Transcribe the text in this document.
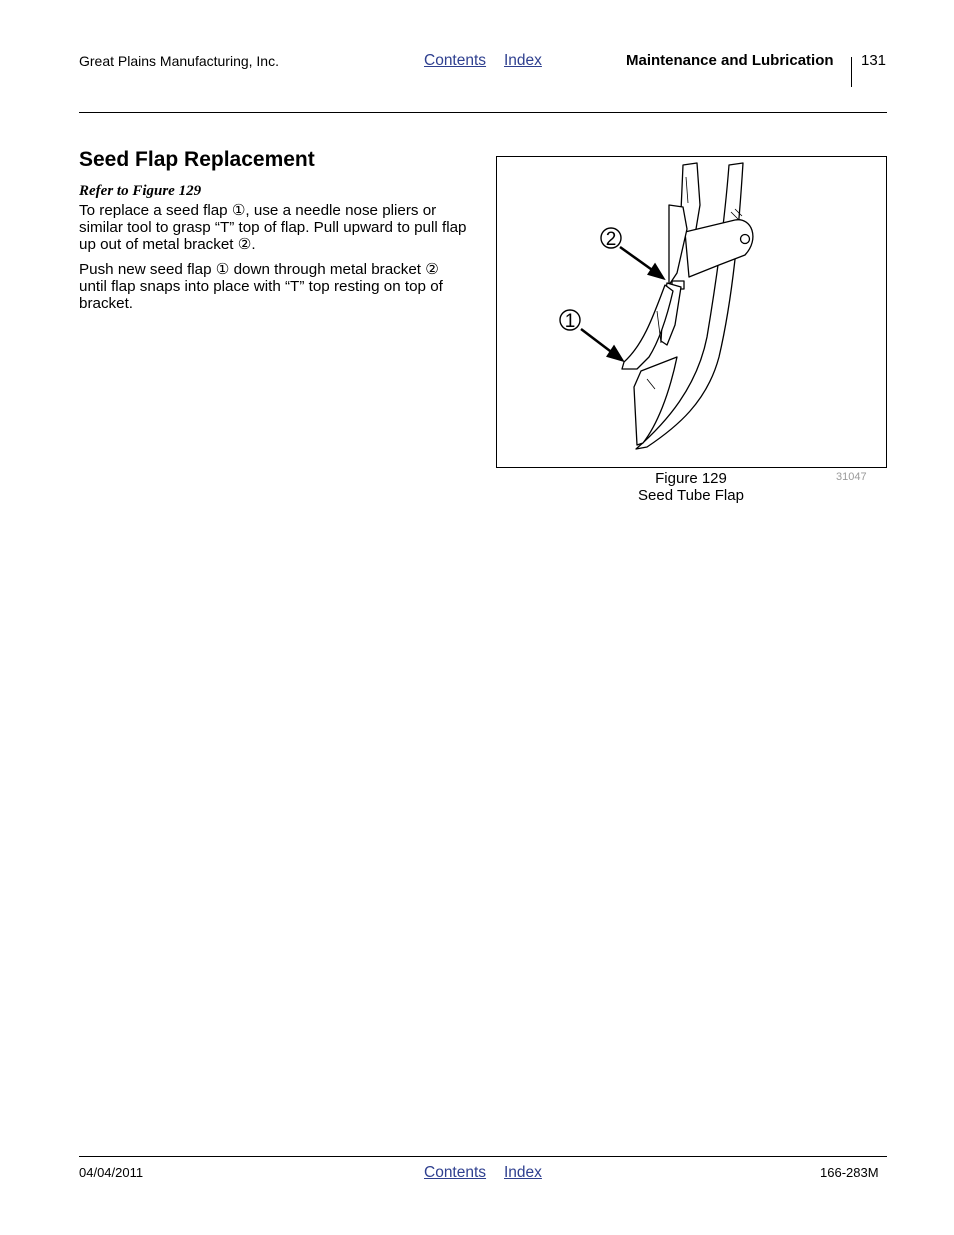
Great Plains Manufacturing, Inc.	Contents Index	Maintenance and Lubrication 131
Seed Flap Replacement
Refer to Figure 129
To replace a seed flap ①, use a needle nose pliers or similar tool to grasp “T” top of flap. Pull upward to pull flap up out of metal bracket ②.
Push new seed flap ① down through metal bracket ② until flap snaps into place with “T” top resting on top of bracket.
2
1
Figure 129
Seed Tube Flap
31047
04/04/2011	Contents Index	166-283M
